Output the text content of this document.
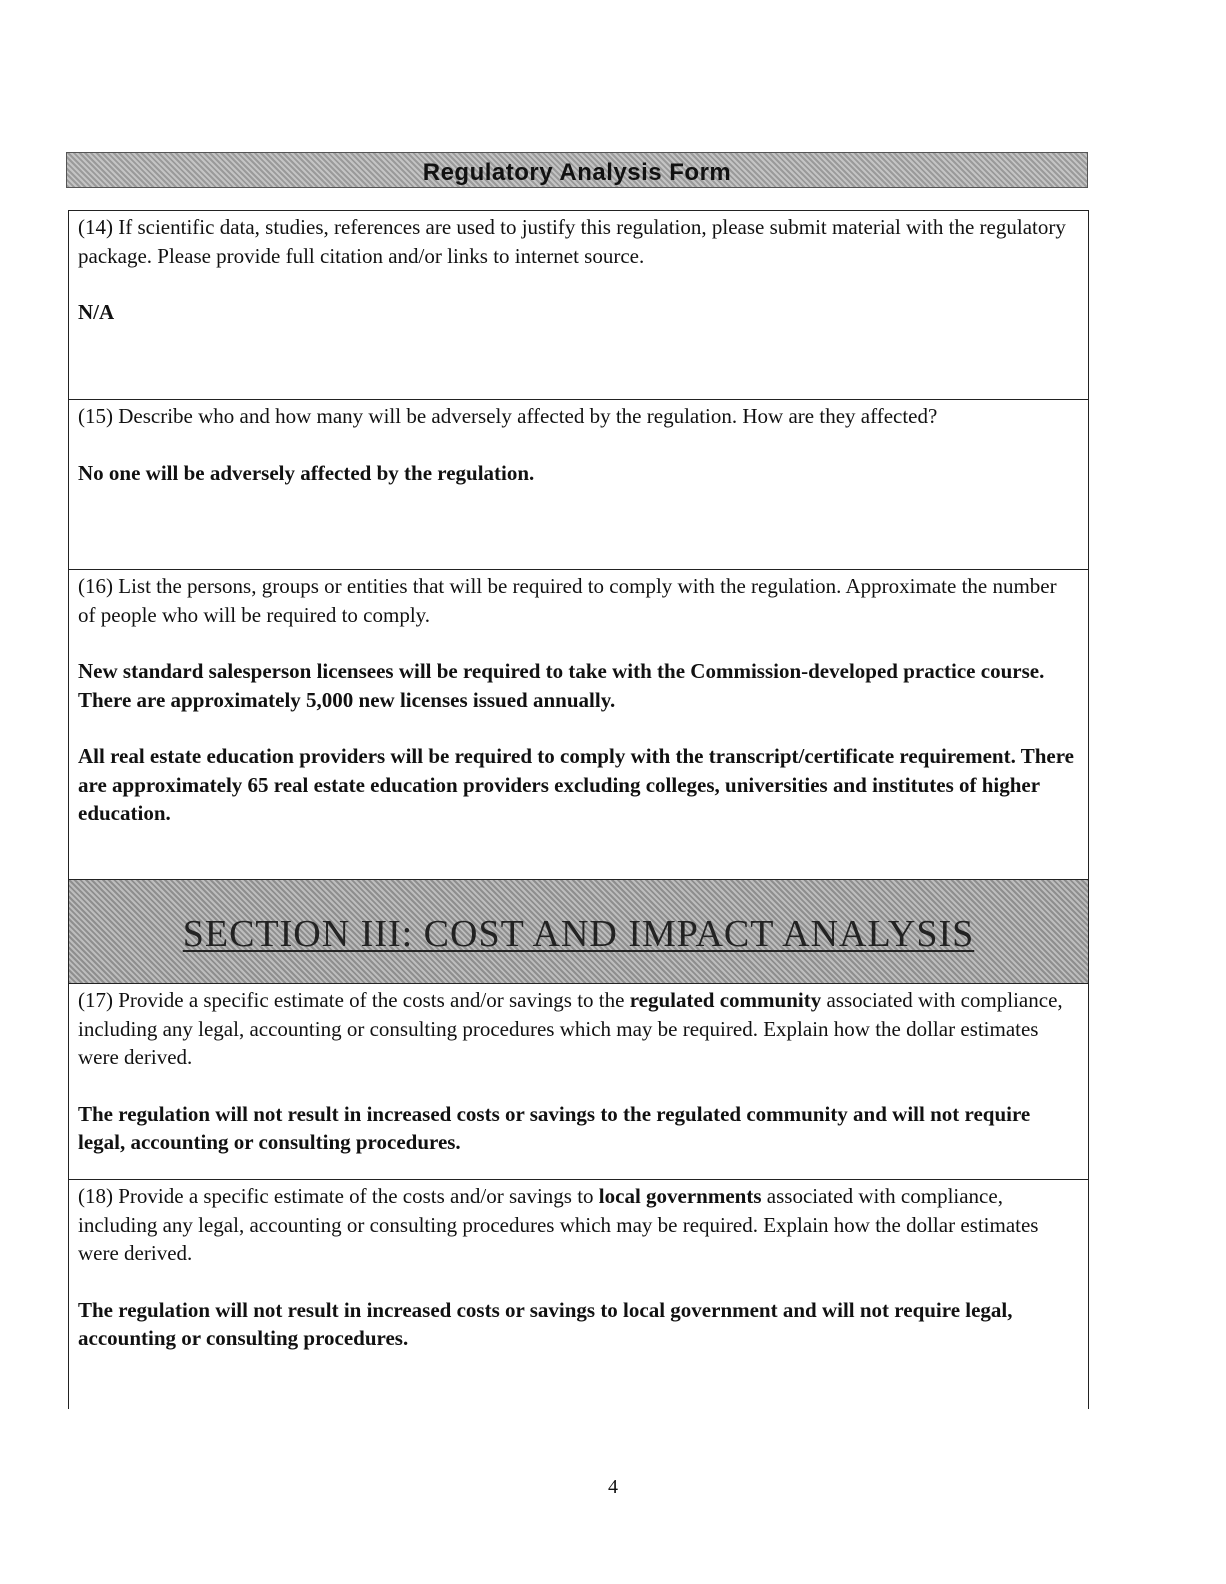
Regulatory Analysis Form

(14) If scientific data, studies, references are used to justify this regulation, please submit material with the regulatory package. Please provide full citation and/or links to internet source.

N/A

(15) Describe who and how many will be adversely affected by the regulation. How are they affected?

No one will be adversely affected by the regulation.

(16) List the persons, groups or entities that will be required to comply with the regulation. Approximate the number of people who will be required to comply.

New standard salesperson licensees will be required to take with the Commission-developed practice course. There are approximately 5,000 new licenses issued annually.

All real estate education providers will be required to comply with the transcript/certificate requirement. There are approximately 65 real estate education providers excluding colleges, universities and institutes of higher education.

SECTION III: COST AND IMPACT ANALYSIS

(17) Provide a specific estimate of the costs and/or savings to the regulated community associated with compliance, including any legal, accounting or consulting procedures which may be required. Explain how the dollar estimates were derived.

The regulation will not result in increased costs or savings to the regulated community and will not require legal, accounting or consulting procedures.

(18) Provide a specific estimate of the costs and/or savings to local governments associated with compliance, including any legal, accounting or consulting procedures which may be required. Explain how the dollar estimates were derived.

The regulation will not result in increased costs or savings to local government and will not require legal, accounting or consulting procedures.

4
